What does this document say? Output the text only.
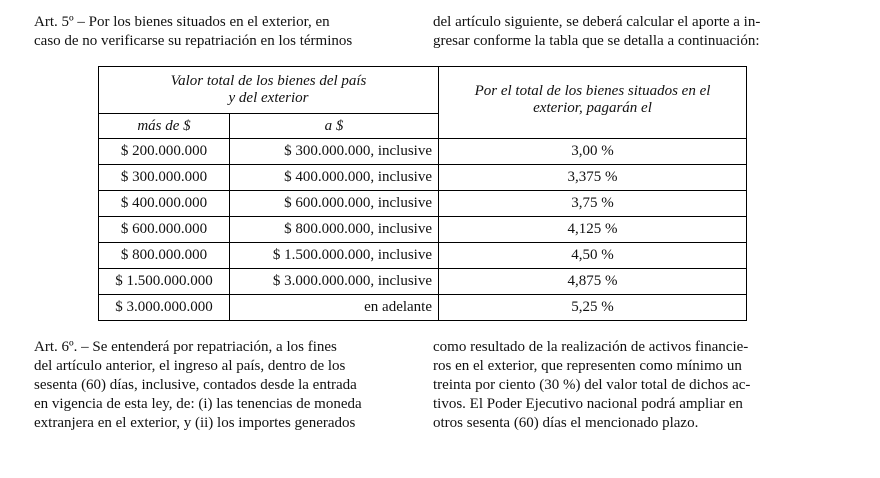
Art. 5º – Por los bienes situados en el exterior, en
caso de no verificarse su repatriación en los términos
del artículo siguiente, se deberá calcular el aporte a in-
gresar conforme la tabla que se detalla a continuación:
Valor total de los bienes del país
y del exterior		Por el total de los bienes situados en el
exterior, pagarán el
más de $	a $	
$ 200.000.000	$ 300.000.000, inclusive	3,00 %
$ 300.000.000	$ 400.000.000, inclusive	3,375 %
$ 400.000.000	$ 600.000.000, inclusive	3,75 %
$ 600.000.000	$ 800.000.000, inclusive	4,125 %
$ 800.000.000	$ 1.500.000.000, inclusive	4,50 %
$ 1.500.000.000	$ 3.000.000.000, inclusive	4,875 %
$ 3.000.000.000	en adelante	5,25 %
Art. 6º. – Se entenderá por repatriación, a los fines
del artículo anterior, el ingreso al país, dentro de los
sesenta (60) días, inclusive, contados desde la entrada
en vigencia de esta ley, de: (i) las tenencias de moneda
extranjera en el exterior, y (ii) los importes generados
como resultado de la realización de activos financie-
ros en el exterior, que representen como mínimo un
treinta por ciento (30 %) del valor total de dichos ac-
tivos. El Poder Ejecutivo nacional podrá ampliar en
otros sesenta (60) días el mencionado plazo.
